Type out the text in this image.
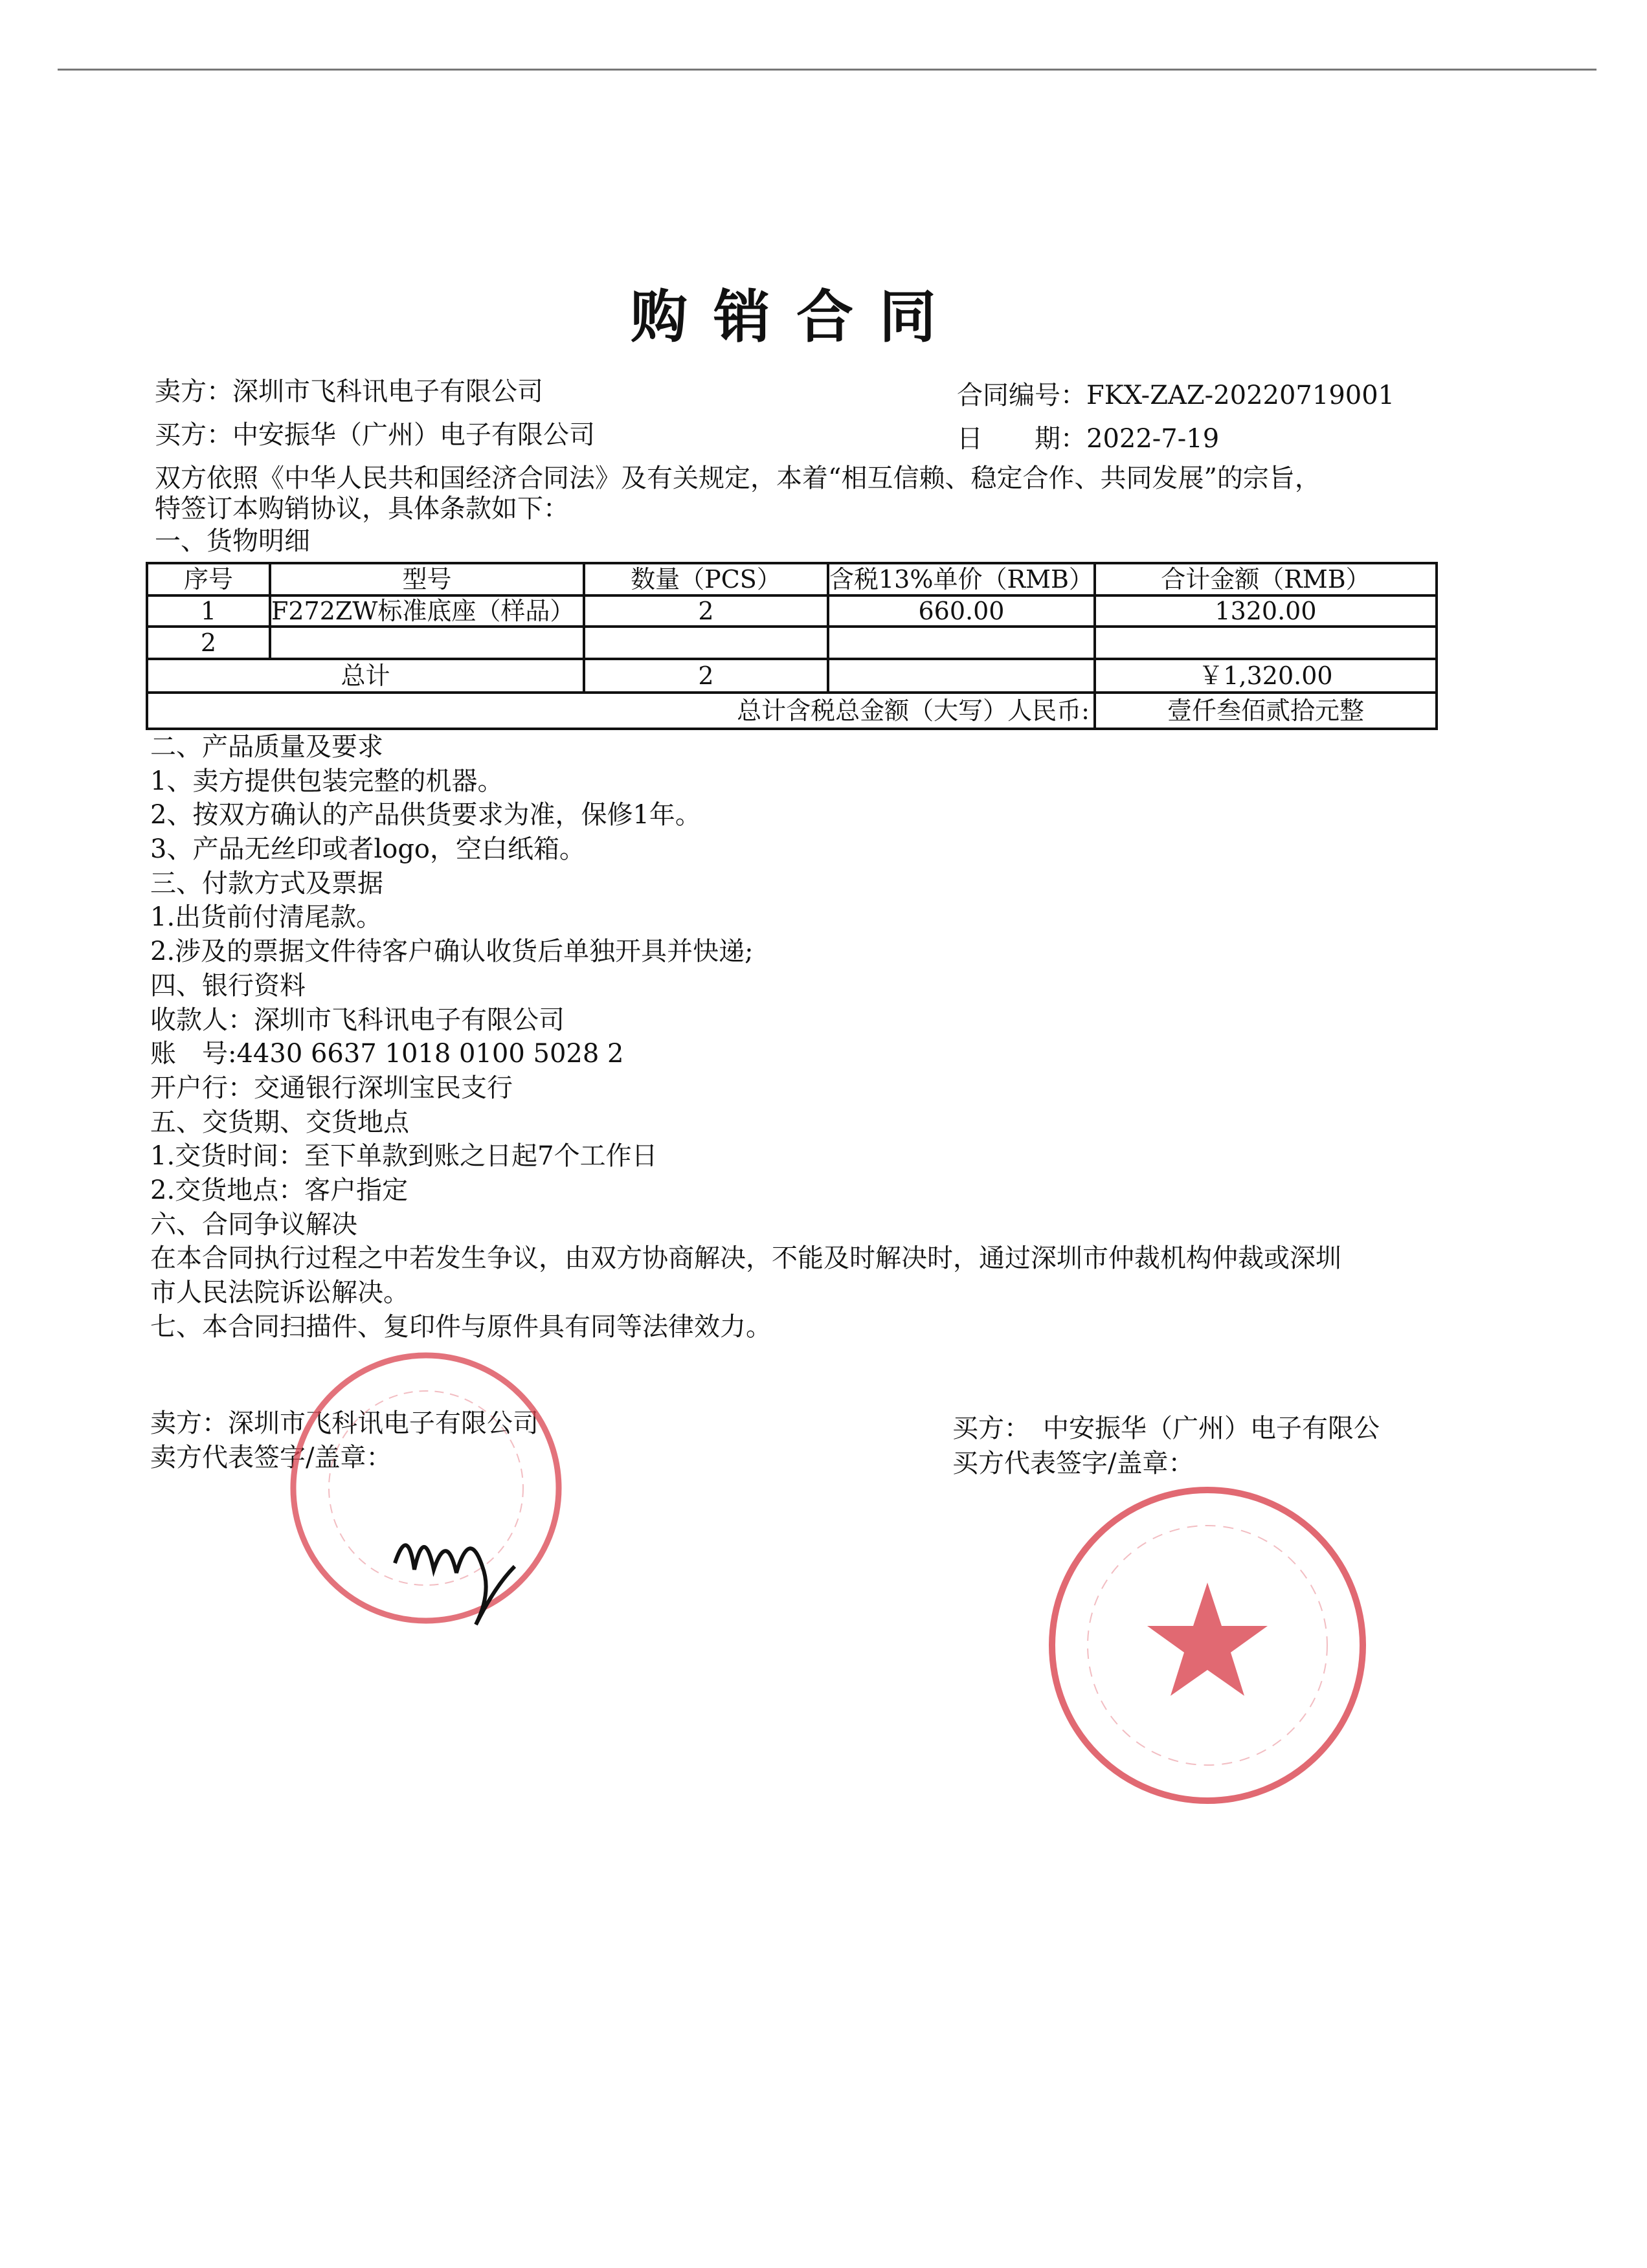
购销合同
卖方：深圳市飞科讯电子有限公司	合同编号：FKX-ZAZ-20220719001
买方：中安振华（广州）电子有限公司	日　　期：2022-7-19
双方依照《中华人民共和国经济合同法》及有关规定，本着“相互信赖、稳定合作、共同发展”的宗旨，
特签订本购销协议，具体条款如下：
一、货物明细
序号	型号	数量（PCS）	含税13%单价（RMB）	合计金额（RMB）
1	F272ZW标准底座（样品）	2	660.00	1320.00
2				
总计		2		￥1,320.00
总计含税总金额（大写）人民币:				壹仟叁佰贰拾元整
二、产品质量及要求
1、卖方提供包装完整的机器。
2、按双方确认的产品供货要求为准，保修1年。
3、产品无丝印或者logo，空白纸箱。
三、付款方式及票据
1.出货前付清尾款。
2.涉及的票据文件待客户确认收货后单独开具并快递;
四、银行资料
收款人：深圳市飞科讯电子有限公司
账　号:4430 6637 1018 0100 5028 2
开户行：交通银行深圳宝民支行
五、交货期、交货地点
1.交货时间：至下单款到账之日起7个工作日
2.交货地点：客户指定
六、合同争议解决
在本合同执行过程之中若发生争议，由双方协商解决，不能及时解决时，通过深圳市仲裁机构仲裁或深圳
市人民法院诉讼解决。
七、本合同扫描件、复印件与原件具有同等法律效力。
卖方：深圳市飞科讯电子有限公司
卖方代表签字/盖章：
买方：　中安振华（广州）电子有限公
买方代表签字/盖章：
